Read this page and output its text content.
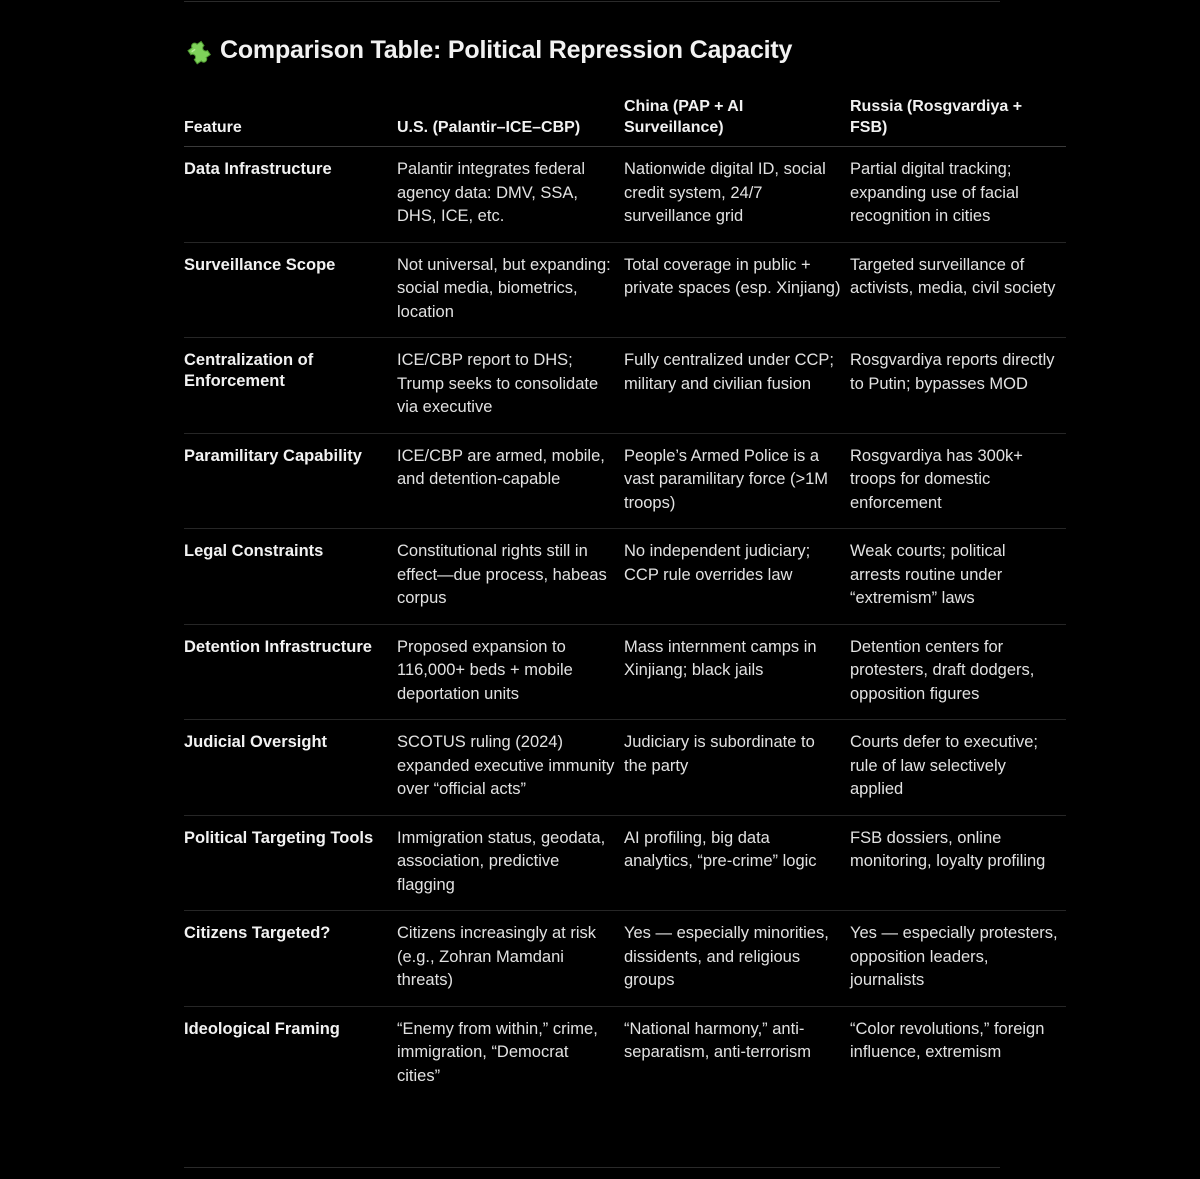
Comparison Table: Political Repression Capacity
Feature	U.S. (Palantir–ICE–CBP)	China (PAP + AI Surveillance)	Russia (Rosgvardiya + FSB)
Data Infrastructure	Palantir integrates federal agency data: DMV, SSA, DHS, ICE, etc.	Nationwide digital ID, social credit system, 24/7 surveillance grid	Partial digital tracking; expanding use of facial recognition in cities
Surveillance Scope	Not universal, but expanding: social media, biometrics, location	Total coverage in public + private spaces (esp. Xinjiang)	Targeted surveillance of activists, media, civil society
Centralization of Enforcement	ICE/CBP report to DHS; Trump seeks to consolidate via executive	Fully centralized under CCP; military and civilian fusion	Rosgvardiya reports directly to Putin; bypasses MOD
Paramilitary Capability	ICE/CBP are armed, mobile, and detention-capable	People’s Armed Police is a vast paramilitary force (>1M troops)	Rosgvardiya has 300k+ troops for domestic enforcement
Legal Constraints	Constitutional rights still in effect—due process, habeas corpus	No independent judiciary; CCP rule overrides law	Weak courts; political arrests routine under “extremism” laws
Detention Infrastructure	Proposed expansion to 116,000+ beds + mobile deportation units	Mass internment camps in Xinjiang; black jails	Detention centers for protesters, draft dodgers, opposition figures
Judicial Oversight	SCOTUS ruling (2024) expanded executive immunity over “official acts”	Judiciary is subordinate to the party	Courts defer to executive; rule of law selectively applied
Political Targeting Tools	Immigration status, geodata, association, predictive flagging	AI profiling, big data analytics, “pre-crime” logic	FSB dossiers, online monitoring, loyalty profiling
Citizens Targeted?	Citizens increasingly at risk (e.g., Zohran Mamdani threats)	Yes — especially minorities, dissidents, and religious groups	Yes — especially protesters, opposition leaders, journalists
Ideological Framing	“Enemy from within,” crime, immigration, “Democrat cities”	“National harmony,” anti-separatism, anti-terrorism	“Color revolutions,” foreign influence, extremism
